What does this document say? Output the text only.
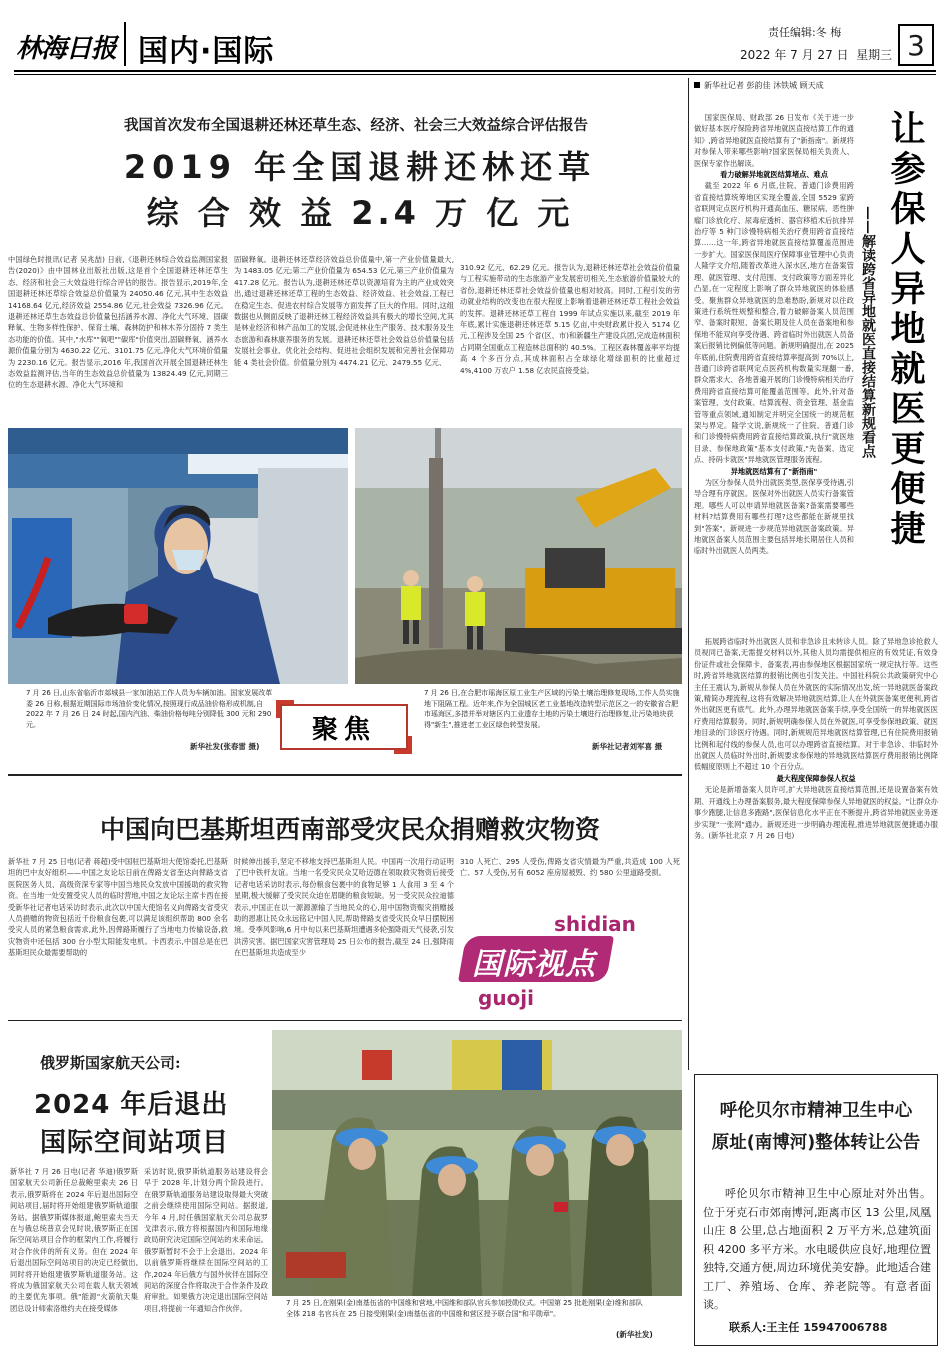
林海日报 国内·国际
责任编辑:冬 梅
2022 年 7 月 27 日 星期三 3
我国首次发布全国退耕还林还草生态、经济、社会三大效益综合评估报告
2019 年全国退耕还林还草
综 合 效 益 2.4 万 亿 元
中国绿色时报讯(记者 吴兆喆) 日前,《退耕还林综合效益监测国家报告(2020)》由中国林业出版社出版,这是首个全国退耕还林还草生态、经济和社会三大效益进行综合评估的报告。报告显示,2019年,全国退耕还林还草综合效益总价值量为 24050.46 亿元,其中生态效益 14168.64 亿元,经济效益 2554.86 亿元,社会效益 7326.96 亿元。退耕还林还草生态效益总价值量包括涵养水源、净化大气环境、固碳释氧、生物多样性保护、保育土壤、森林防护和林木养分固持 7 类生态功能的价值。其中,"水库""氧吧""碳库"价值突出,固碳释氧、涵养水源价值量分别为 4630.22 亿元、3101.75 亿元,净化大气环境价值量为 2230.16 亿元。报告显示,2016 年,我国首次开展全国退耕还林生态效益监测评估,当年的生态效益总价值量为 13824.49 亿元,同期三位的生态退耕水源、净化大气环境和
固碳释氧。退耕还林还草经济效益总价值量中,第一产业价值量最大,为 1483.05 亿元;第二产业价值量为 654.53 亿元,第三产业价值量为 417.28 亿元。报告认为,退耕还林还草以资源培育为主的产业成效突出,通过退耕还林还草工程的生态效益、经济效益、社会效益,工程已在稳定生态、促进农村综合发展等方面发挥了巨大的作用。同时,这组数据也从侧面反映了退耕还林工程经济效益具有极大的增长空间,尤其是林业经济和林产品加工的发展,会促进林业生产服务、技术服务及生态旅游和森林康养服务的发展。退耕还林还草社会效益总价值量包括发展社会事业、优化社会结构、促进社会组织发展和完善社会保障功能 4 类社会价值。价值量分别为 4474.21 亿元、2479.55 亿元、
310.92 亿元、62.29 亿元。报告认为,退耕还林还草社会效益价值量与工程实施带动的生态旅游产业发展密切相关,生态旅游价值量较大的省份,退耕还林还草社会效益价值量也相对较高。同时,工程引发的劳动就业结构的改变也在很大程度上影响着退耕还林还草工程社会效益的发挥。退耕还林还草工程自 1999 年试点实施以来,截至 2019 年年底,累计实施退耕还林还草 5.15 亿亩,中央财政累计投入 5174 亿元,工程涉及全国 25 个省(区、市)和新疆生产建设兵团,完成造林面积占同期全国重点工程造林总面积的 40.5%。工程区森林覆盖率平均提高 4 个多百分点,其成林面积占全球绿化增绿面积的比重超过 4%,4100 万农户 1.58 亿农民直接受益。
7 月 26 日,山东省临沂市郯城县一家加油站工作人员为车辆加油。国家发展改革委 26 日称,根据近期国际市场油价变化情况,按照现行成品油价格形成机制,自 2022 年 7 月 26 日 24 时起,国内汽油、柴油价格每吨分别降低 300 元和 290 元。
新华社发(张春雷 摄)
聚焦
7 月 26 日,在合肥市瑶海区原工业生产区域的污染土壤治理修复现场,工作人员实施地下阻隔工程。近年来,作为全国城区老工业基地改造转型示范区之一的安徽省合肥市瑶海区,多措并举对辖区内工业遗存土地的污染土壤进行治理修复,让污染地块获得"新生",推进老工业区绿色转型发展。
新华社记者刘军喜 摄
中国向巴基斯坦西南部受灾民众捐赠救灾物资
新华社 7 月 25 日电(记者 蒋超)受中国驻巴基斯坦大使馆委托,巴基斯坦的巴中友好组织——中国之友论坛日前在俾路支省奎达向俾路支省医院医务人员、高级资深专家等中国当地民众发放中国援助的救灾物资。在当地一处安置受灾人员的临时营地,中国之友论坛主席卡西在接受新华社记者电话采访时表示,此次以中国大使馆名义向俾路支省受灾人员捐赠的物资包括近千份粮食包裹,可以满足该组织帮助 800 余名受灾人员的紧急粮食需求,此外,因俾路斯履行了当地电力传输设备,救灾物资中还包括 300 台小型太阳能发电机。卡西表示,中国总是在巴基斯坦民众最需要帮助的
时候伸出援手,坚定不移地支持巴基斯坦人民。中国再一次用行动证明了巴中铁杆友谊。当地一名受灾民众艾哈迈德在领取救灾物资后接受记者电话采访时表示,每份粮食包裹中的食物足够 1 人食用 3 至 4 个星期,极大缓解了受灾民众迫在眉睫的粮食短缺。另一受灾民众拉迪德表示,中国正在以一源源源输了当地民众的心,用中国物资赈灾捐赠援助的恩惠让民众永远铭记中国人民,帮助俾路支省受灾民众早日摆脱困境。受季风影响,6 月中旬以来巴基斯坦遭遇多轮强降雨天气侵袭,引发洪涝灾害。据巴国家灾害管理局 25 日公布的报告,截至 24 日,强降雨在巴基斯坦共造成至少
310 人死亡、295 人受伤,俾路支省灾情最为严重,共造成 100 人死亡、57 人受伤,另有 6052 座房屋被毁、约 580 公里道路受损。
shidian
国际视点
guoji
俄罗斯国家航天公司:
2024 年后退出
国际空间站项目
新华社 7 月 26 日电(记者 华迪)俄罗斯国家航天公司新任总裁鲍里索夫 26 日表示,俄罗斯将在 2024 年后退出国际空间站项目,届时将开始组建俄罗斯轨道服务站。据俄罗斯媒体报道,鲍里索夫当天在与俄总统普京会见时说,俄罗斯正在国际空间站项目合作的框架内工作,将履行对合作伙伴的所有义务。但在 2024 年后退出国际空间站项目的决定已经做出,同时将开始组建俄罗斯轨道服务站。这将成为俄国家航天公司在载人航天领域的主要优先事项。俄"能源"火箭航天集团总设计师索洛维约夫在接受媒体
采访时说,俄罗斯轨道服务站建设将会早于 2028 年,计划分两个阶段进行。在俄罗斯轨道服务站建设取得最大突破之前会继续使用国际空间站。据报道,今年 4 月,时任俄国家航天公司总裁罗戈津表示,俄方将根据国内和国际地缘政局研究决定国际空间站的未来命运。俄罗斯暂时不会于上会退出。2024 年以前俄罗斯将继续在国际空间站的工作,2024 年后俄方与国外伙伴在国际空间站的深度合作将取决于合作条件及政府审批。如果俄方决定退出国际空间站项目,将提前一年通知合作伙伴。
7 月 25 日,在刚果(金)南基伍省的中国维和营地,中国维和部队官兵参加授勋仪式。中国第 25 批赴刚果(金)维和部队全体 218 名官兵在 25 日接受刚果(金)南基伍省的中国维和营区授予联合国"和平勋章"。
(新华社发)
新华社记者 彭韵佳 沐铁城 顾天成
让
参
保
人
异
地
就
医
更
便
捷
——解读跨省异地就医直接结算新规看点

国家医保局、财政部 26 日发布《关于进一步做好基本医疗保险跨省异地就医直接结算工作的通知》,跨省异地就医直接结算有了"新指南"。新规将对参保人带来哪些影响?国家医保局相关负责人、医保专家作出解读。

看力破解异地就医结算堵点、难点

截至 2022 年 6 月底,住院、普通门诊费用跨省直接结算统筹地区实现全覆盖,全国 5529 家跨省联网定点医疗机构开通高血压、糖尿病、恶性肿瘤门诊放化疗、尿毒症透析、器官移植术后抗排异治疗等 5 种门诊慢特病相关治疗费用跨省直接结算……这一年,跨省异地就医直接结算覆盖范围进一步扩大。国家医保局医疗保障事业管理中心负责人隆学文介绍,随着改革进入深水区,地方在备案管理、就医管理、支付范围、支付政策等方面差异化凸显,在一定程度上影响了群众异地就医的体验感受。聚焦群众异地就医的急难愁盼,新规对以往政策进行系统性规整和整合,着力破解备案人员范围窄、备案时限短、备案长期及住人员在备案地和参保地不能双向享受待遇、跨省临时外出就医人员备案后报销比例偏低等问题。新规明确提出,在 2025 年底前,住院费用跨省直接结算率提高到 70%以上,普通门诊跨省联网定点医药机构数量实现翻一番,群众需求大、各地普遍开展的门诊慢特病相关治疗费用跨省直接结算可能覆盖范围等。此外,针对备案管理、支付政策、结算流程、资金管理、基金监管等重点领域,通知制定并明完全国统一的规范框架与界定。隆学文说,新规统一了住院、普通门诊和门诊慢特病费用跨省直接结算政策,执行"就医地目录、参保地政策"基本支付政策,"先备案、选定点、持码卡就医"异地就医管理服务流程。

异地就医结算有了"新指南"

为区分参保人员外出就医类型,医保享受待遇,引导合理有序就医。医保对外出就医人员实行备案管理。哪些人可以申请异地就医备案?备案需要哪些材料?结算费用有哪些打理?这些都能在新规里找到"答案"。新规进一步规范异地就医备案政策。异地就医备案人员范围主要包括异地长期居住人员和临时外出就医人员两类。

拓展跨省临时外出就医人员和非急诊且未转诊人员。除了异地急诊抢救人员视同已备案,无需提交材料以外,其他人员均需提供相应的有效凭证,有效身份证件或社会保障卡、备案表,再由参保地区根据国家统一规定执行等。这些时,跨省异地就医结算的报销比例也引发关注。中国社科院公共政策研究中心主任王震认为,新规从参保人员在外就医的实际情况出发,统一异地就医备案政策,精简办理流程,这将有效解决异地就医结算,让人在外就医备案更便利,跨省外出就医更有底气。此外,办理异地就医备案手续,享受全国统一的异地就医医疗费用结算服务。同时,新规明确参保人员在外就医,可享受参保地政策、就医地目录的门诊医疗待遇。同时,新规规范异地就医结算管理,已有住院费用报销比例和起付线的参保人员,也可以办理跨省直接结算。对于非急诊、非临时外出就医人员临时外出时,新规要求参保地的异地就医结算医疗费用报销比例降低幅度原则上不超过 10 个百分点。

最大程度保障参保人权益

无论是新增备案人员许可,扩大异地就医直接结算范围,还是设置备案有效期、开通线上办理备案服务,最大程度保障参保人异地就医的权益。"让群众办事少跑腿,让信息多跑路",医保信息化水平正在不断提升,跨省异地就医业务逐步实现"一张网"通办。新规还进一步明确办理流程,推进异地就医便捷通办服务。(新华社北京 7 月 26 日电)

呼伦贝尔市精神卫生中心
原址(南博河)整体转让公告
呼伦贝尔市精神卫生中心原址对外出售。位于牙克石市郊南博河,距离市区 13 公里,凤凰山庄 8 公里,总占地面积 2 万平方米,总建筑面积 4200 多平方米。水电暖供应良好,地理位置独特,交通方便,周边环境优美安静。此地适合建工厂、养殖场、仓库、养老院等。有意者面谈。
联系人:王主任 15947006788
